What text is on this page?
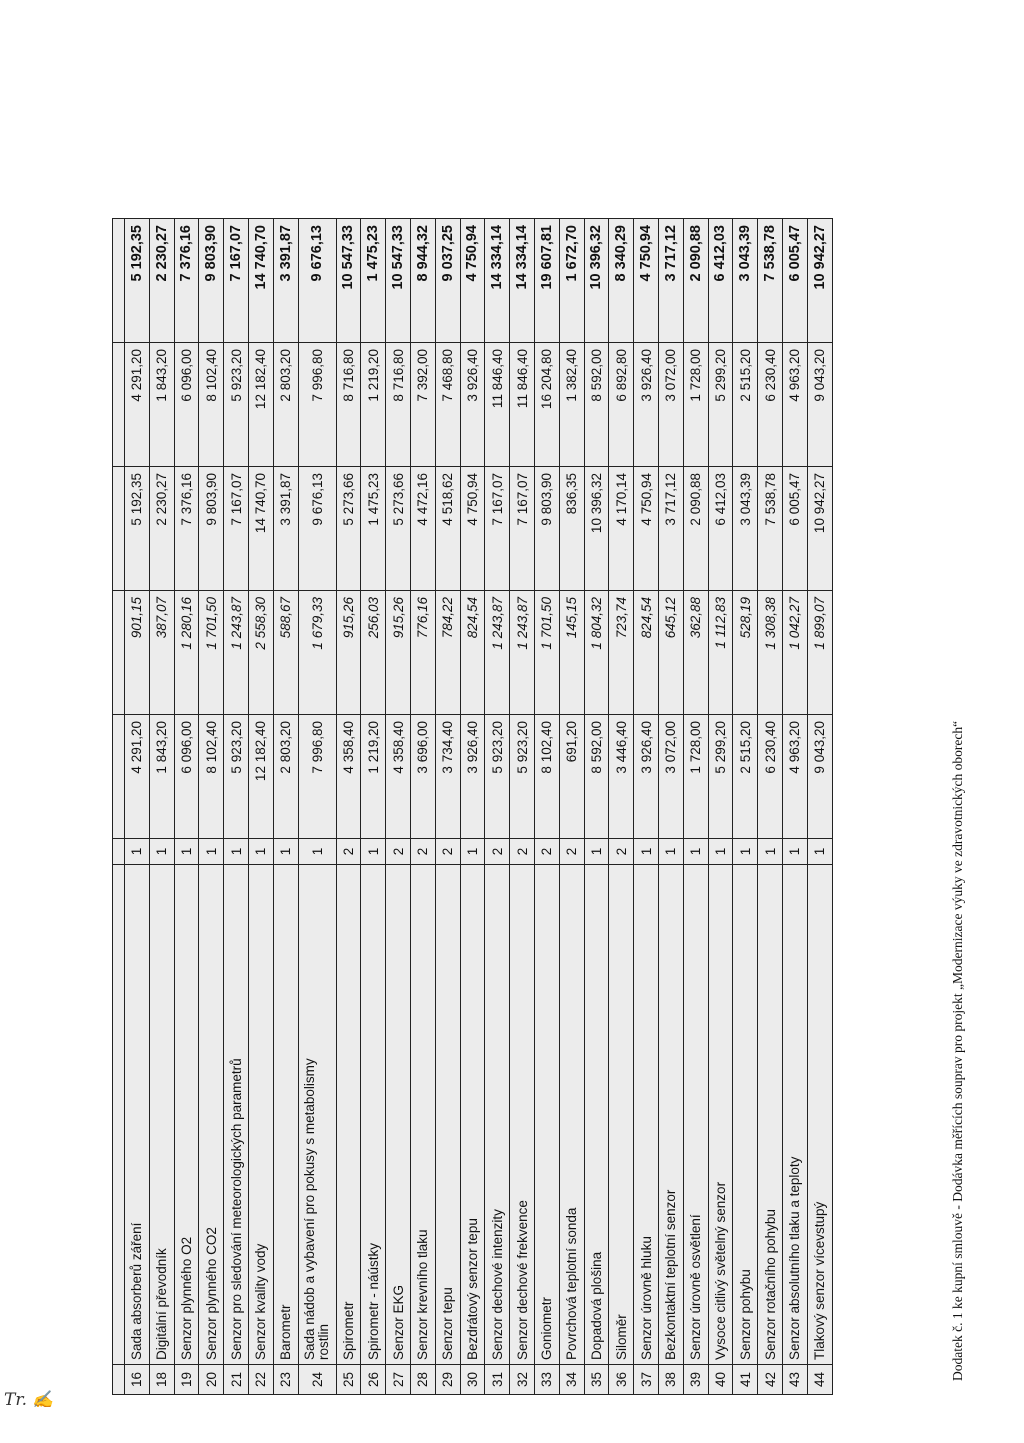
16	Sada absorberů záření	1	4 291,20	901,15	5 192,35	4 291,20	5 192,35
18	Digitální převodník	1	1 843,20	387,07	2 230,27	1 843,20	2 230,27
19	Senzor plynného O2	1	6 096,00	1 280,16	7 376,16	6 096,00	7 376,16
20	Senzor plynného CO2	1	8 102,40	1 701,50	9 803,90	8 102,40	9 803,90
21	Senzor pro sledování meteorologických parametrů	1	5 923,20	1 243,87	7 167,07	5 923,20	7 167,07
22	Senzor kvality vody	1	12 182,40	2 558,30	14 740,70	12 182,40	14 740,70
23	Barometr	1	2 803,20	588,67	3 391,87	2 803,20	3 391,87
24	Sada nádob a vybavení pro pokusy s metabolismy rostlin	1	7 996,80	1 679,33	9 676,13	7 996,80	9 676,13
25	Spirometr	2	4 358,40	915,26	5 273,66	8 716,80	10 547,33
26	Spirometr - náústky	1	1 219,20	256,03	1 475,23	1 219,20	1 475,23
27	Senzor EKG	2	4 358,40	915,26	5 273,66	8 716,80	10 547,33
28	Senzor krevního tlaku	2	3 696,00	776,16	4 472,16	7 392,00	8 944,32
29	Senzor tepu	2	3 734,40	784,22	4 518,62	7 468,80	9 037,25
30	Bezdrátový senzor tepu	1	3 926,40	824,54	4 750,94	3 926,40	4 750,94
31	Senzor dechové intenzity	2	5 923,20	1 243,87	7 167,07	11 846,40	14 334,14
32	Senzor dechové frekvence	2	5 923,20	1 243,87	7 167,07	11 846,40	14 334,14
33	Goniometr	2	8 102,40	1 701,50	9 803,90	16 204,80	19 607,81
34	Povrchová teplotní sonda	2	691,20	145,15	836,35	1 382,40	1 672,70
35	Dopadová plošina	1	8 592,00	1 804,32	10 396,32	8 592,00	10 396,32
36	Siloměr	2	3 446,40	723,74	4 170,14	6 892,80	8 340,29
37	Senzor úrovně hluku	1	3 926,40	824,54	4 750,94	3 926,40	4 750,94
38	Bezkontaktní teplotní senzor	1	3 072,00	645,12	3 717,12	3 072,00	3 717,12
39	Senzor úrovně osvětlení	1	1 728,00	362,88	2 090,88	1 728,00	2 090,88
40	Vysoce citlivý světelný senzor	1	5 299,20	1 112,83	6 412,03	5 299,20	6 412,03
41	Senzor pohybu	1	2 515,20	528,19	3 043,39	2 515,20	3 043,39
42	Senzor rotačního pohybu	1	6 230,40	1 308,38	7 538,78	6 230,40	7 538,78
43	Senzor absolutního tlaku a teploty	1	4 963,20	1 042,27	6 005,47	4 963,20	6 005,47
44	Tlakový senzor vícevstupý	1	9 043,20	1 899,07	10 942,27	9 043,20	10 942,27
Dodatek č. 1 ke kupní smlouvě - Dodávka měřících souprav pro projekt „Modernizace výuky ve zdravotnických oborech“
Tr. ✍
